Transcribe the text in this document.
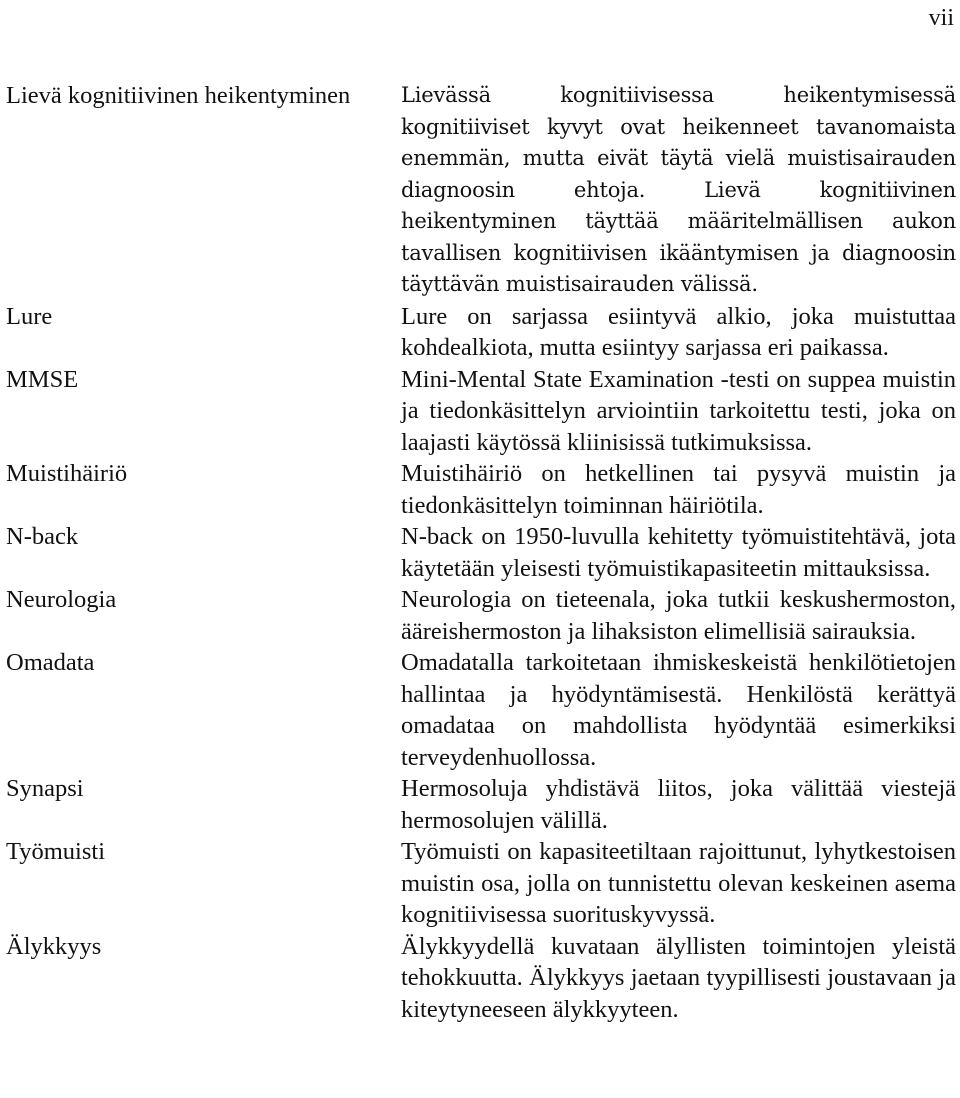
vii
Lievä kognitiivinen heikentyminen	Lievässä kognitiivisessa heikentymisessä kognitiiviset kyvyt ovat heikenneet tavanomaista enemmän, mutta eivät täytä vielä muistisairauden diagnoosin ehtoja. Lievä kognitiivinen heikentyminen täyttää määritelmällisen aukon tavallisen kognitiivisen ikääntymisen ja diagnoosin täyttävän muistisairauden välissä.
Lure	Lure on sarjassa esiintyvä alkio, joka muistuttaa kohdealkiota, mutta esiintyy sarjassa eri paikassa.
MMSE	Mini-Mental State Examination -testi on suppea muistin ja tiedonkäsittelyn arviointiin tarkoitettu testi, joka on laajasti käytössä kliinisissä tutkimuksissa.
Muistihäiriö	Muistihäiriö on hetkellinen tai pysyvä muistin ja tiedonkäsittelyn toiminnan häiriötila.
N-back	N-back on 1950-luvulla kehitetty työmuistitehtävä, jota käytetään yleisesti työmuistikapasiteetin mittauksissa.
Neurologia	Neurologia on tieteenala, joka tutkii keskushermoston, ääreishermoston ja lihaksiston elimellisiä sairauksia.
Omadata	Omadatalla tarkoitetaan ihmiskeskeistä henkilötietojen hallintaa ja hyödyntämisestä. Henkilöstä kerättyä omadataa on mahdollista hyödyntää esimerkiksi terveydenhuollossa.
Synapsi	Hermosoluja yhdistävä liitos, joka välittää viestejä hermosolujen välillä.
Työmuisti	Työmuisti on kapasiteetiltaan rajoittunut, lyhytkestoisen muistin osa, jolla on tunnistettu olevan keskeinen asema kognitiivisessa suorituskyvyssä.
Älykkyys	Älykkyydellä kuvataan älyllisten toimintojen yleistä tehokkuutta. Älykkyys jaetaan tyypillisesti joustavaan ja kiteytyneeseen älykkyyteen.
